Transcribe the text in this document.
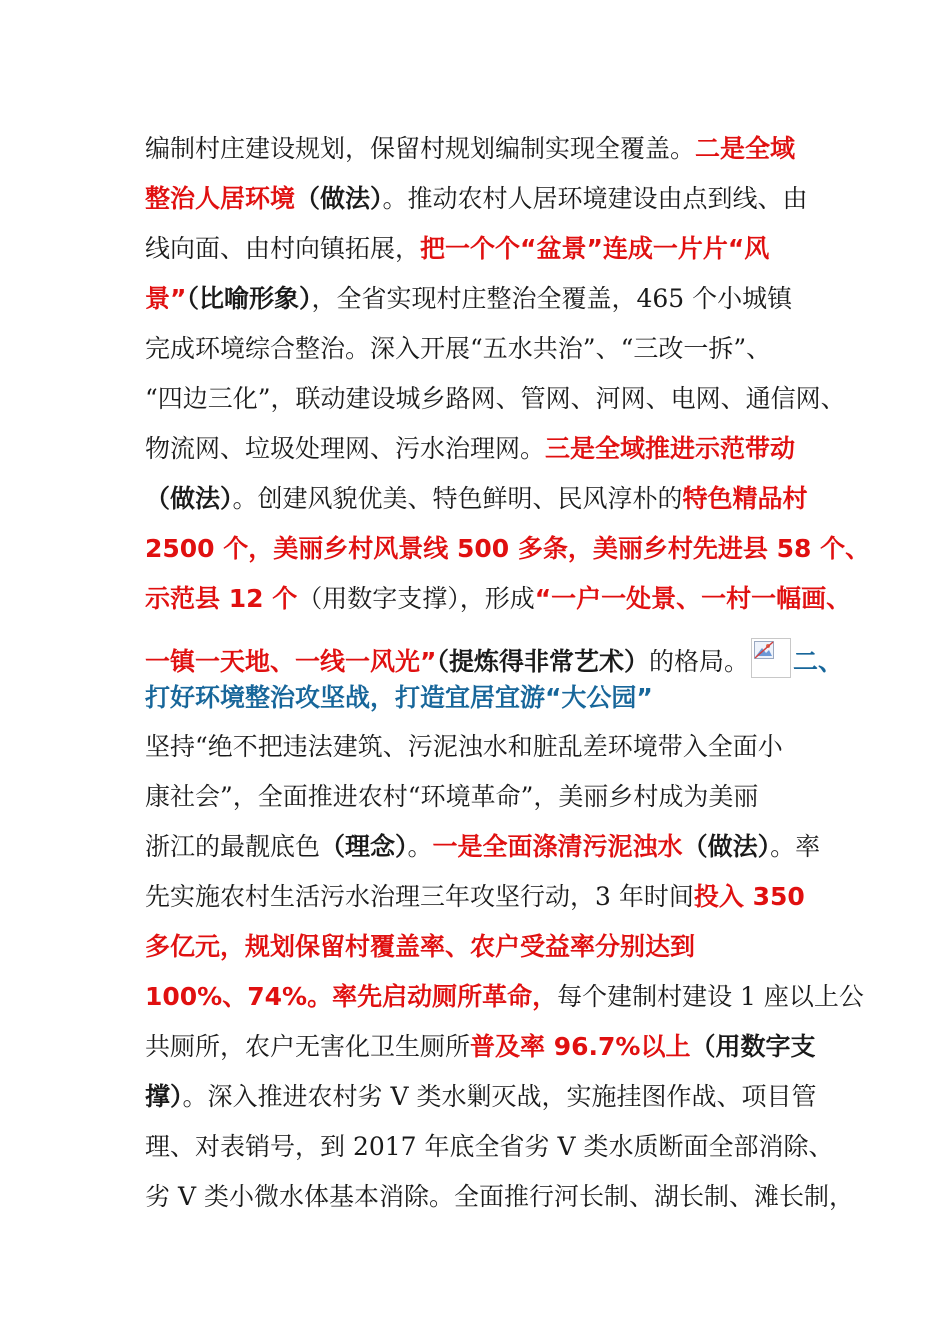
编制村庄建设规划，保留村规划编制实现全覆盖。二是全域
整治人居环境（做法）。推动农村人居环境建设由点到线、由
线向面、由村向镇拓展，把一个个“盆景”连成一片片“风
景”（比喻形象），全省实现村庄整治全覆盖，465 个小城镇
完成环境综合整治。深入开展“五水共治”、“三改一拆”、
“四边三化”，联动建设城乡路网、管网、河网、电网、通信网、
物流网、垃圾处理网、污水治理网。三是全域推进示范带动
（做法）。创建风貌优美、特色鲜明、民风淳朴的特色精品村
2500 个，美丽乡村风景线 500 多条，美丽乡村先进县 58 个、
示范县 12 个（用数字支撑），形成“一户一处景、一村一幅画、
一镇一天地、一线一风光”（提炼得非常艺术）的格局。 二、
打好环境整治攻坚战，打造宜居宜游“大公园”
坚持“绝不把违法建筑、污泥浊水和脏乱差环境带入全面小
康社会”，全面推进农村“环境革命”，美丽乡村成为美丽
浙江的最靓底色（理念）。一是全面涤清污泥浊水（做法）。率
先实施农村生活污水治理三年攻坚行动，3 年时间投入 350
多亿元，规划保留村覆盖率、农户受益率分别达到
100%、74%。率先启动厕所革命，每个建制村建设 1 座以上公
共厕所，农户无害化卫生厕所普及率 96.7%以上（用数字支
撑）。深入推进农村劣 V 类水剿灭战，实施挂图作战、项目管
理、对表销号，到 2017 年底全省劣 V 类水质断面全部消除、
劣 V 类小微水体基本消除。全面推行河长制、湖长制、滩长制，
